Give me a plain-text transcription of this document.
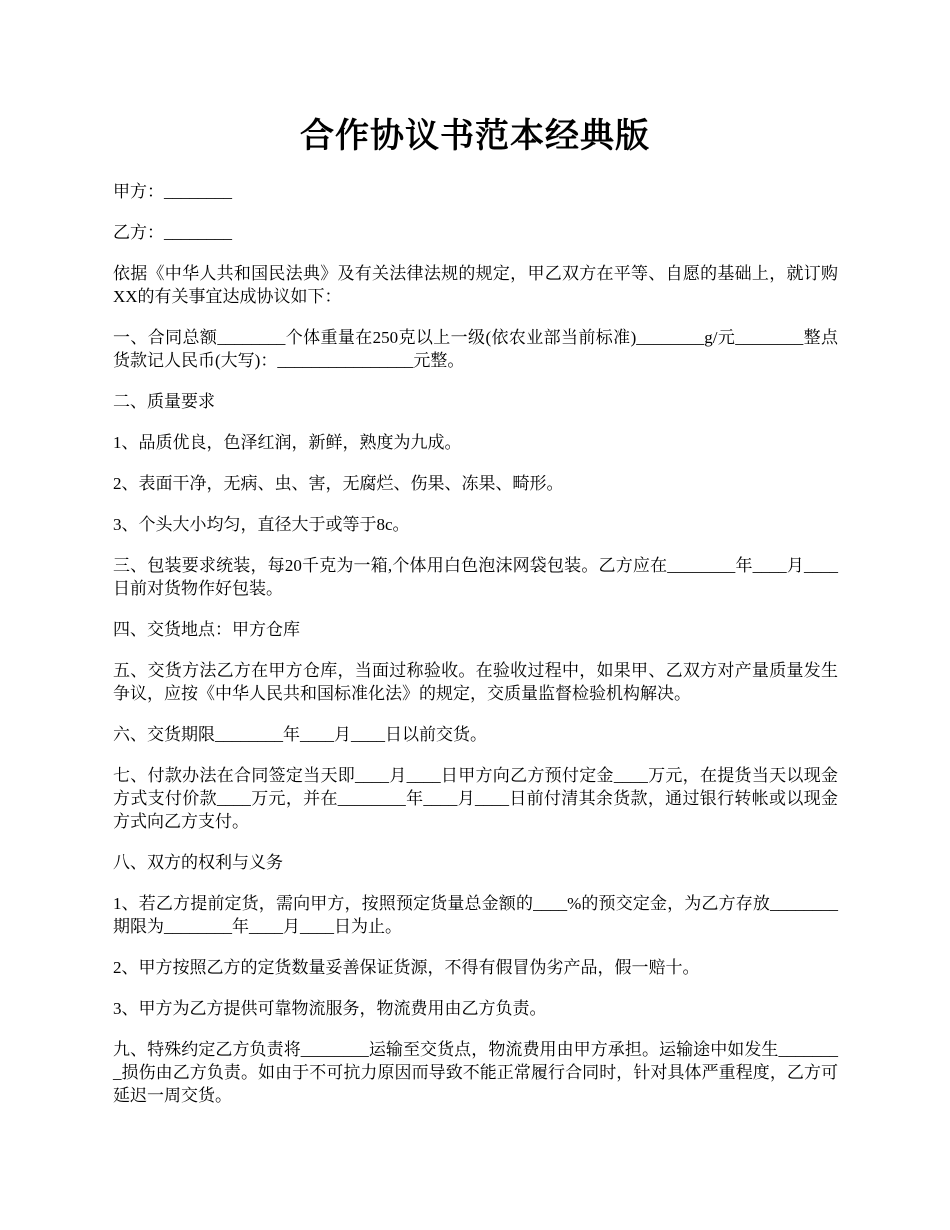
合作协议书范本经典版

甲方：________

乙方：________

依据《中华人共和国民法典》及有关法律法规的规定，甲乙双方在平等、自愿的基础上，就订购XX的有关事宜达成协议如下：

一、合同总额________个体重量在250克以上一级(依农业部当前标准)________g/元________整点货款记人民币(大写)：________________元整。

二、质量要求

1、品质优良，色泽红润，新鲜，熟度为九成。

2、表面干净，无病、虫、害，无腐烂、伤果、冻果、畸形。

3、个头大小均匀，直径大于或等于8c。

三、包装要求统装，每20千克为一箱,个体用白色泡沫网袋包装。乙方应在________年____月____日前对货物作好包装。

四、交货地点：甲方仓库

五、交货方法乙方在甲方仓库，当面过称验收。在验收过程中，如果甲、乙双方对产量质量发生争议，应按《中华人民共和国标准化法》的规定，交质量监督检验机构解决。

六、交货期限________年____月____日以前交货。

七、付款办法在合同签定当天即____月____日甲方向乙方预付定金____万元，在提货当天以现金方式支付价款____万元，并在________年____月____日前付清其余货款，通过银行转帐或以现金方式向乙方支付。

八、双方的权利与义务

1、若乙方提前定货，需向甲方，按照预定货量总金额的____%的预交定金，为乙方存放________期限为________年____月____日为止。

2、甲方按照乙方的定货数量妥善保证货源，不得有假冒伪劣产品，假一赔十。

3、甲方为乙方提供可靠物流服务，物流费用由乙方负责。

九、特殊约定乙方负责将________运输至交货点，物流费用由甲方承担。运输途中如发生________损伤由乙方负责。如由于不可抗力原因而导致不能正常履行合同时，针对具体严重程度，乙方可延迟一周交货。
